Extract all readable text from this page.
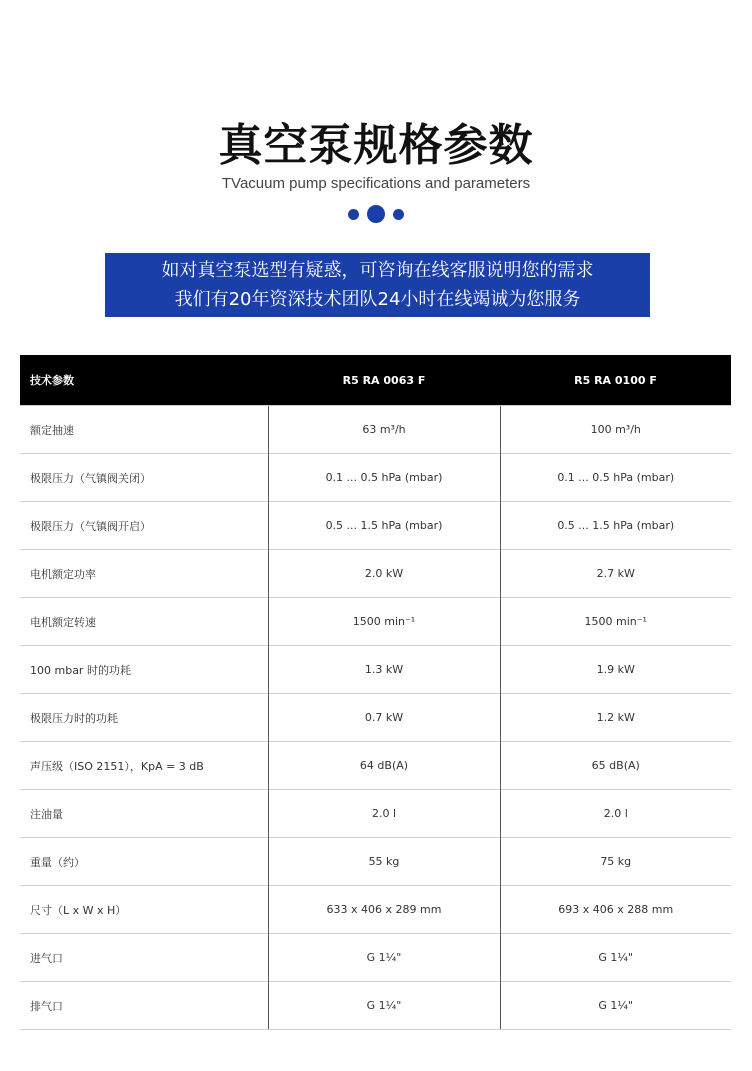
真空泵规格参数
TVacuum pump specifications and parameters
如对真空泵选型有疑惑，可咨询在线客服说明您的需求
我们有20年资深技术团队24小时在线竭诚为您服务
技术参数	R5 RA 0063 F	R5 RA 0100 F
额定抽速	63 m³/h	100 m³/h
极限压力（气镇阀关闭）	0.1 ... 0.5 hPa (mbar)	0.1 ... 0.5 hPa (mbar)
极限压力（气镇阀开启）	0.5 ... 1.5 hPa (mbar)	0.5 ... 1.5 hPa (mbar)
电机额定功率	2.0 kW	2.7 kW
电机额定转速	1500 min⁻¹	1500 min⁻¹
100 mbar 时的功耗	1.3 kW	1.9 kW
极限压力时的功耗	0.7 kW	1.2 kW
声压级（ISO 2151），KpA = 3 dB	64 dB(A)	65 dB(A)
注油量	2.0 l	2.0 l
重量（约）	55 kg	75 kg
尺寸（L x W x H）	633 x 406 x 289 mm	693 x 406 x 288 mm
进气口	G 1¼"	G 1¼"
排气口	G 1¼"	G 1¼"
